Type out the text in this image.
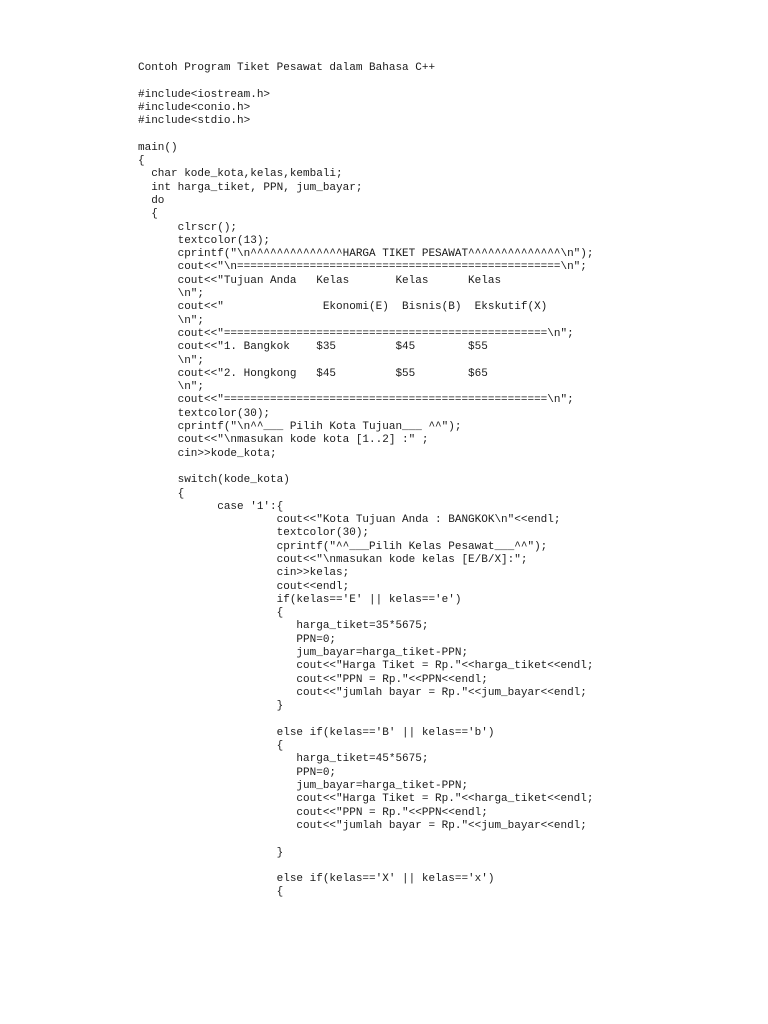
Contoh Program Tiket Pesawat dalam Bahasa C++
#include<iostream.h>
#include<conio.h>
#include<stdio.h>
main()
{
char kode_kota,kelas,kembali;
int harga_tiket, PPN, jum_bayar;
do
{
clrscr();
textcolor(13);
cprintf("\n^^^^^^^^^^^^^^HARGA TIKET PESAWAT^^^^^^^^^^^^^^\n");
cout<<"\n=================================================\n";
cout<<"Tujuan Anda   Kelas       Kelas      Kelas
\n";
cout<<"               Ekonomi(E)  Bisnis(B)  Ekskutif(X)
\n";
cout<<"=================================================\n";
cout<<"1. Bangkok    $35         $45        $55
\n";
cout<<"2. Hongkong   $45         $55        $65
\n";
cout<<"=================================================\n";
textcolor(30);
cprintf("\n^^___ Pilih Kota Tujuan___ ^^");
cout<<"\nmasukan kode kota [1..2] :" ;
cin>>kode_kota;
switch(kode_kota)
{
case '1':{
cout<<"Kota Tujuan Anda : BANGKOK\n"<<endl;
textcolor(30);
cprintf("^^___Pilih Kelas Pesawat___^^");
cout<<"\nmasukan kode kelas [E/B/X]:";
cin>>kelas;
cout<<endl;
if(kelas=='E' || kelas=='e')
{
harga_tiket=35*5675;
PPN=0;
jum_bayar=harga_tiket-PPN;
cout<<"Harga Tiket = Rp."<<harga_tiket<<endl;
cout<<"PPN = Rp."<<PPN<<endl;
cout<<"jumlah bayar = Rp."<<jum_bayar<<endl;
}
else if(kelas=='B' || kelas=='b')
{
harga_tiket=45*5675;
PPN=0;
jum_bayar=harga_tiket-PPN;
cout<<"Harga Tiket = Rp."<<harga_tiket<<endl;
cout<<"PPN = Rp."<<PPN<<endl;
cout<<"jumlah bayar = Rp."<<jum_bayar<<endl;
}
else if(kelas=='X' || kelas=='x')
{
